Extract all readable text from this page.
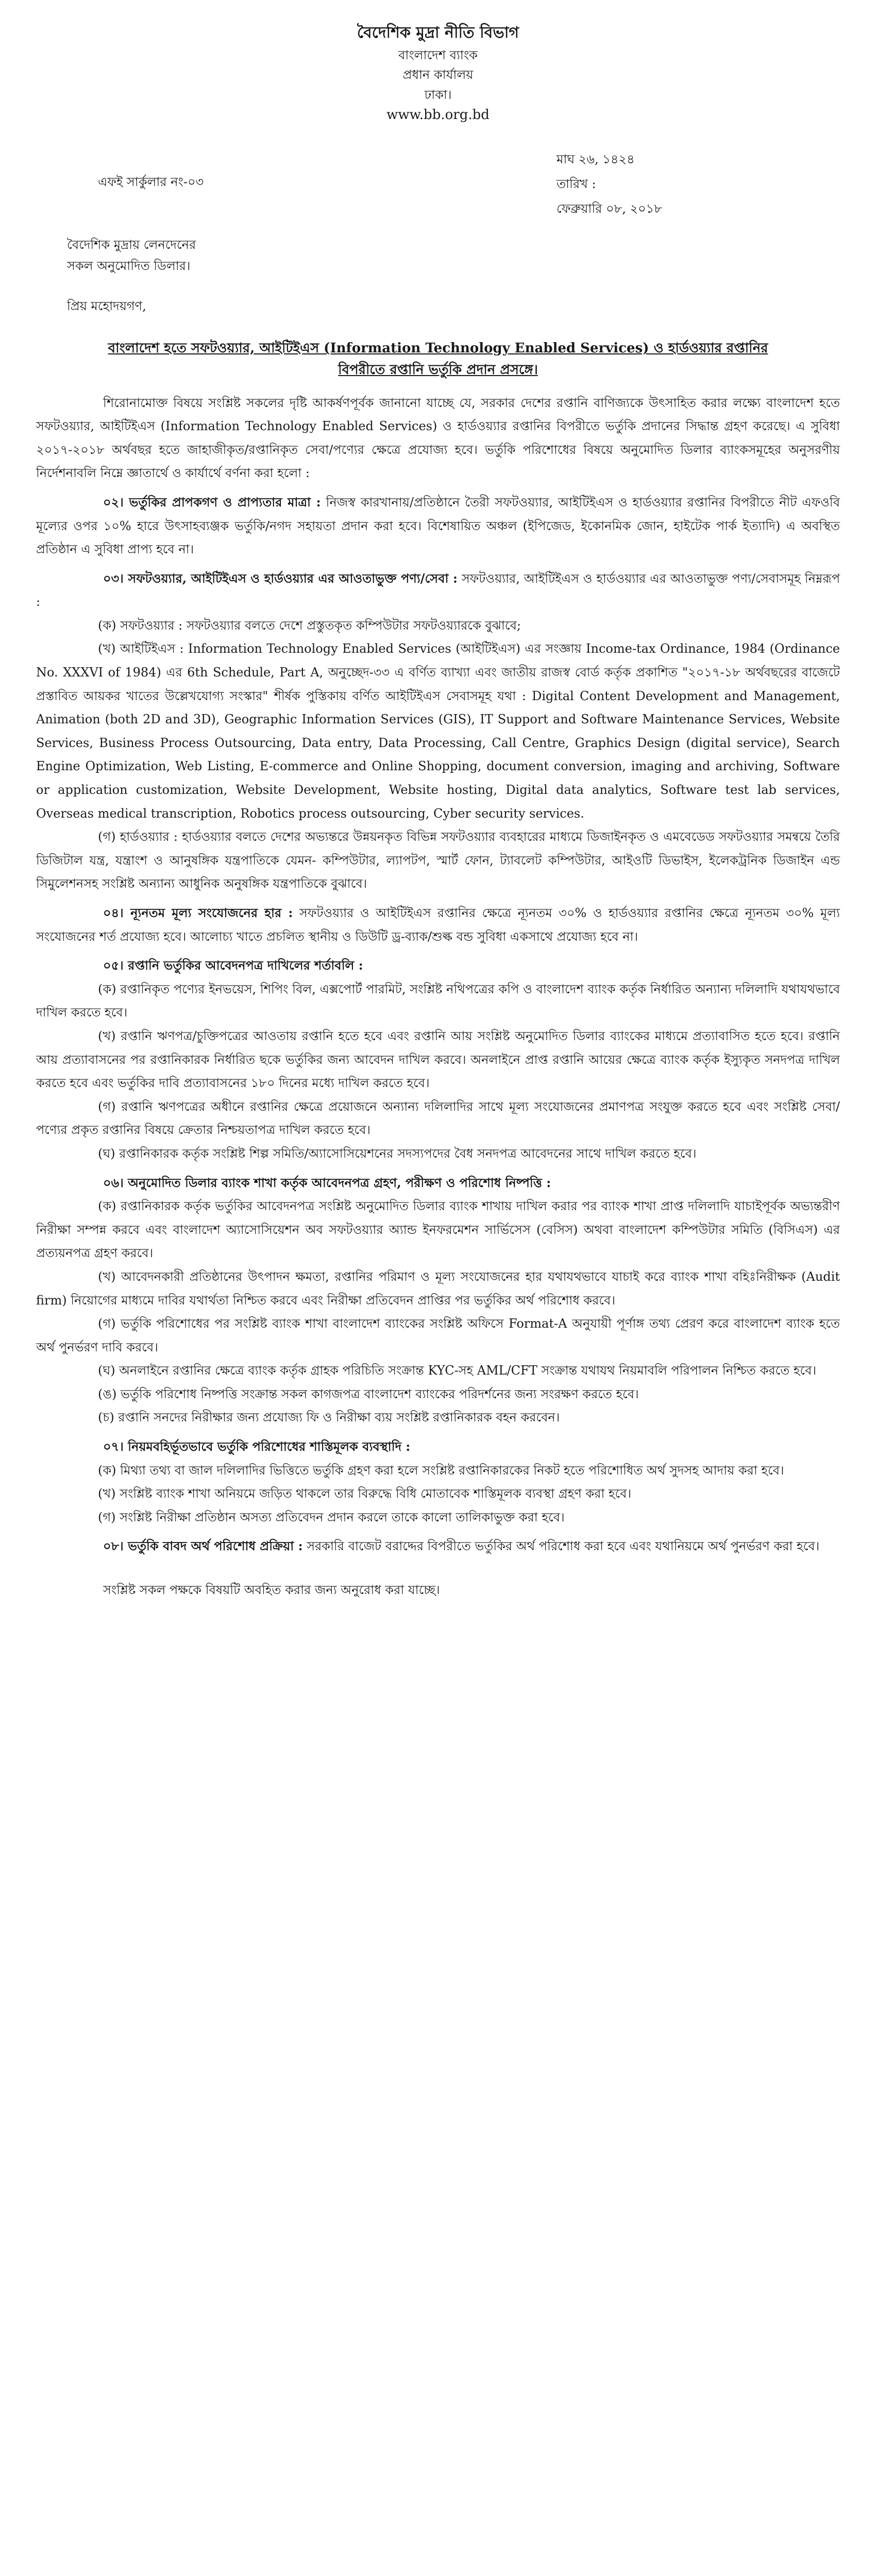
বৈদেশিক মুদ্রা নীতি বিভাগ
বাংলাদেশ ব্যাংক
প্রধান কার্যালয়
ঢাকা।
www.bb.org.bd
এফই সার্কুলার নং-০৩
মাঘ ২৬, ১৪২৪
তারিখ :
ফেব্রুয়ারি ০৮, ২০১৮
বৈদেশিক মুদ্রায় লেনদেনের
সকল অনুমোদিত ডিলার।
প্রিয় মহোদয়গণ,
বাংলাদেশ হতে সফটওয়্যার, আইটিইএস (Information Technology Enabled Services) ও হার্ডওয়্যার রপ্তানির বিপরীতে রপ্তানি ভর্তুকি প্রদান প্রসঙ্গে।

শিরোনামোক্ত বিষয়ে সংশ্লিষ্ট সকলের দৃষ্টি আকর্ষণপূর্বক জানানো যাচ্ছে যে, সরকার দেশের রপ্তানি বাণিজ্যকে উৎসাহিত করার লক্ষ্যে বাংলাদেশ হতে সফটওয়্যার, আইটিইএস (Information Technology Enabled Services) ও হার্ডওয়্যার রপ্তানির বিপরীতে ভর্তুকি প্রদানের সিদ্ধান্ত গ্রহণ করেছে। এ সুবিধা ২০১৭-২০১৮ অর্থবছর হতে জাহাজীকৃত/রপ্তানিকৃত সেবা/পণ্যের ক্ষেত্রে প্রযোজ্য হবে। ভর্তুকি পরিশোধের বিষয়ে অনুমোদিত ডিলার ব্যাংকসমূহের অনুসরণীয় নির্দেশনাবলি নিম্নে জ্ঞাতার্থে ও কার্যার্থে বর্ণনা করা হলো :

০২। ভর্তুকির প্রাপকগণ ও প্রাপ্যতার মাত্রা : নিজস্ব কারখানায়/প্রতিষ্ঠানে তৈরী সফটওয়্যার, আইটিইএস ও হার্ডওয়্যার রপ্তানির বিপরীতে নীট এফওবি মূল্যের ওপর ১০% হারে উৎসাহব্যঞ্জক ভর্তুকি/নগদ সহায়তা প্রদান করা হবে। বিশেষায়িত অঞ্চল (ইপিজেড, ইকোনমিক জোন, হাইটেক পার্ক ইত্যাদি) এ অবস্থিত প্রতিষ্ঠান এ সুবিধা প্রাপ্য হবে না।

০৩। সফটওয়্যার, আইটিইএস ও হার্ডওয়্যার এর আওতাভুক্ত পণ্য/সেবা : সফটওয়্যার, আইটিইএস ও হার্ডওয়্যার এর আওতাভুক্ত পণ্য/সেবাসমূহ নিম্নরূপ :

(ক) সফটওয়্যার : সফটওয়্যার বলতে দেশে প্রস্তুতকৃত কম্পিউটার সফটওয়্যারকে বুঝাবে;

(খ) আইটিইএস : Information Technology Enabled Services (আইটিইএস) এর সংজ্ঞায় Income-tax Ordinance, 1984 (Ordinance No. XXXVI of 1984) এর 6th Schedule, Part A, অনুচ্ছেদ-৩৩ এ বর্ণিত ব্যাখ্যা এবং জাতীয় রাজস্ব বোর্ড কর্তৃক প্রকাশিত "২০১৭-১৮ অর্থবছরের বাজেটে প্রস্তাবিত আয়কর খাতের উল্লেখযোগ্য সংস্কার" শীর্ষক পুস্তিকায় বর্ণিত আইটিইএস সেবাসমূহ যথা : Digital Content Development and Management, Animation (both 2D and 3D), Geographic Information Services (GIS), IT Support and Software Maintenance Services, Website Services, Business Process Outsourcing, Data entry, Data Processing, Call Centre, Graphics Design (digital service), Search Engine Optimization, Web Listing, E-commerce and Online Shopping, document conversion, imaging and archiving, Software or application customization, Website Development, Website hosting, Digital data analytics, Software test lab services, Overseas medical transcription, Robotics process outsourcing, Cyber security services.

(গ) হার্ডওয়্যার : হার্ডওয়্যার বলতে দেশের অভ্যন্তরে উন্নয়নকৃত বিভিন্ন সফটওয়্যার ব্যবহারের মাধ্যমে ডিজাইনকৃত ও এমবেডেড সফটওয়্যার সমন্বয়ে তৈরি ডিজিটাল যন্ত্র, যন্ত্রাংশ ও আনুষঙ্গিক যন্ত্রপাতিকে যেমন- কম্পিউটার, ল্যাপটপ, স্মার্ট ফোন, ট্যাবলেট কম্পিউটার, আইওটি ডিভাইস, ইলেকট্রনিক ডিজাইন এন্ড সিমুলেশনসহ সংশ্লিষ্ট অন্যান্য আধুনিক অনুষঙ্গিক যন্ত্রপাতিকে বুঝাবে।

০৪। ন্যূনতম মূল্য সংযোজনের হার : সফটওয়্যার ও আইটিইএস রপ্তানির ক্ষেত্রে ন্যূনতম ৩০% ও হার্ডওয়্যার রপ্তানির ক্ষেত্রে ন্যূনতম ৩০% মূল্য সংযোজনের শর্ত প্রযোজ্য হবে। আলোচ্য খাতে প্রচলিত স্থানীয় ও ডিউটি ড্র-ব্যাক/শুল্ক বন্ড সুবিধা একসাথে প্রযোজ্য হবে না।

০৫। রপ্তানি ভর্তুকির আবেদনপত্র দাখিলের শর্তাবলি :

(ক) রপ্তানিকৃত পণ্যের ইনভয়েস, শিপিং বিল, এক্সপোর্ট পারমিট, সংশ্লিষ্ট নথিপত্রের কপি ও বাংলাদেশ ব্যাংক কর্তৃক নির্ধারিত অন্যান্য দলিলাদি যথাযথভাবে দাখিল করতে হবে।

(খ) রপ্তানি ঋণপত্র/চুক্তিপত্রের আওতায় রপ্তানি হতে হবে এবং রপ্তানি আয় সংশ্লিষ্ট অনুমোদিত ডিলার ব্যাংকের মাধ্যমে প্রত্যাবাসিত হতে হবে। রপ্তানি আয় প্রত্যাবাসনের পর রপ্তানিকারক নির্ধারিত ছকে ভর্তুকির জন্য আবেদন দাখিল করবে। অনলাইনে প্রাপ্ত রপ্তানি আয়ের ক্ষেত্রে ব্যাংক কর্তৃক ইস্যুকৃত সনদপত্র দাখিল করতে হবে এবং ভর্তুকির দাবি প্রত্যাবাসনের ১৮০ দিনের মধ্যে দাখিল করতে হবে।

(গ) রপ্তানি ঋণপত্রের অধীনে রপ্তানির ক্ষেত্রে প্রয়োজনে অন্যান্য দলিলাদির সাথে মূল্য সংযোজনের প্রমাণপত্র সংযুক্ত করতে হবে এবং সংশ্লিষ্ট সেবা/পণ্যের প্রকৃত রপ্তানির বিষয়ে ক্রেতার নিশ্চয়তাপত্র দাখিল করতে হবে।

(ঘ) রপ্তানিকারক কর্তৃক সংশ্লিষ্ট শিল্প সমিতি/অ্যাসোসিয়েশনের সদস্যপদের বৈধ সনদপত্র আবেদনের সাথে দাখিল করতে হবে।

০৬। অনুমোদিত ডিলার ব্যাংক শাখা কর্তৃক আবেদনপত্র গ্রহণ, পরীক্ষণ ও পরিশোধ নিষ্পত্তি :

(ক) রপ্তানিকারক কর্তৃক ভর্তুকির আবেদনপত্র সংশ্লিষ্ট অনুমোদিত ডিলার ব্যাংক শাখায় দাখিল করার পর ব্যাংক শাখা প্রাপ্ত দলিলাদি যাচাইপূর্বক অভ্যন্তরীণ নিরীক্ষা সম্পন্ন করবে এবং বাংলাদেশ অ্যাসোসিয়েশন অব সফটওয়্যার অ্যান্ড ইনফরমেশন সার্ভিসেস (বেসিস) অথবা বাংলাদেশ কম্পিউটার সমিতি (বিসিএস) এর প্রত্যয়নপত্র গ্রহণ করবে।

(খ) আবেদনকারী প্রতিষ্ঠানের উৎপাদন ক্ষমতা, রপ্তানির পরিমাণ ও মূল্য সংযোজনের হার যথাযথভাবে যাচাই করে ব্যাংক শাখা বহিঃনিরীক্ষক (Audit firm) নিয়োগের মাধ্যমে দাবির যথার্থতা নিশ্চিত করবে এবং নিরীক্ষা প্রতিবেদন প্রাপ্তির পর ভর্তুকির অর্থ পরিশোধ করবে।

(গ) ভর্তুকি পরিশোধের পর সংশ্লিষ্ট ব্যাংক শাখা বাংলাদেশ ব্যাংকের সংশ্লিষ্ট অফিসে Format-A অনুযায়ী পূর্ণাঙ্গ তথ্য প্রেরণ করে বাংলাদেশ ব্যাংক হতে অর্থ পুনর্ভরণ দাবি করবে।

(ঘ) অনলাইনে রপ্তানির ক্ষেত্রে ব্যাংক কর্তৃক গ্রাহক পরিচিতি সংক্রান্ত KYC-সহ AML/CFT সংক্রান্ত যথাযথ নিয়মাবলি পরিপালন নিশ্চিত করতে হবে।

(ঙ) ভর্তুকি পরিশোধ নিষ্পত্তি সংক্রান্ত সকল কাগজপত্র বাংলাদেশ ব্যাংকের পরিদর্শনের জন্য সংরক্ষণ করতে হবে।

(চ) রপ্তানি সনদের নিরীক্ষার জন্য প্রযোজ্য ফি ও নিরীক্ষা ব্যয় সংশ্লিষ্ট রপ্তানিকারক বহন করবেন।

০৭। নিয়মবহির্ভূতভাবে ভর্তুকি পরিশোধের শাস্তিমূলক ব্যবস্থাদি :

(ক) মিথ্যা তথ্য বা জাল দলিলাদির ভিত্তিতে ভর্তুকি গ্রহণ করা হলে সংশ্লিষ্ট রপ্তানিকারকের নিকট হতে পরিশোধিত অর্থ সুদসহ আদায় করা হবে।

(খ) সংশ্লিষ্ট ব্যাংক শাখা অনিয়মে জড়িত থাকলে তার বিরুদ্ধে বিধি মোতাবেক শাস্তিমূলক ব্যবস্থা গ্রহণ করা হবে।

(গ) সংশ্লিষ্ট নিরীক্ষা প্রতিষ্ঠান অসত্য প্রতিবেদন প্রদান করলে তাকে কালো তালিকাভুক্ত করা হবে।

০৮। ভর্তুকি বাবদ অর্থ পরিশোধ প্রক্রিয়া : সরকারি বাজেট বরাদ্দের বিপরীতে ভর্তুকির অর্থ পরিশোধ করা হবে এবং যথানিয়মে অর্থ পুনর্ভরণ করা হবে।

সংশ্লিষ্ট সকল পক্ষকে বিষয়টি অবহিত করার জন্য অনুরোধ করা যাচ্ছে।
